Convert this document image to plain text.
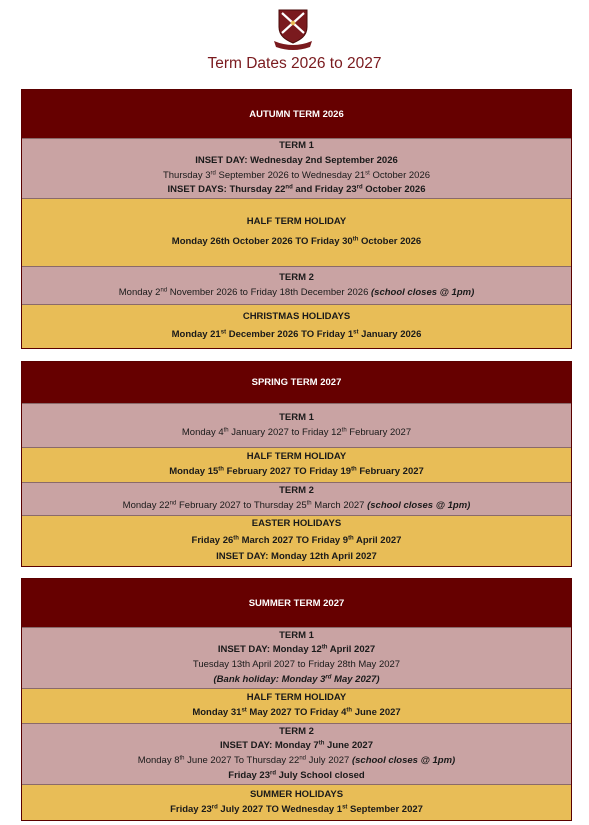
Term Dates 2026 to 2027
AUTUMN TERM 2026
TERM 1
INSET DAY: Wednesday 2nd September 2026
Thursday 3rd September 2026 to Wednesday 21st October 2026
INSET DAYS: Thursday 22nd and Friday 23rd October 2026
HALF TERM HOLIDAY
Monday 26th October 2026 TO Friday 30th October 2026
TERM 2
Monday 2nd November 2026 to Friday 18th December 2026 (school closes @ 1pm)
CHRISTMAS HOLIDAYS
Monday 21st December 2026 TO Friday 1st January 2026
SPRING TERM 2027
TERM 1
Monday 4th January 2027 to Friday 12th February 2027
HALF TERM HOLIDAY
Monday 15th February 2027 TO Friday 19th February 2027
TERM 2
Monday 22nd February 2027 to Thursday 25th March 2027 (school closes @ 1pm)
EASTER HOLIDAYS
Friday 26th March 2027 TO Friday 9th April 2027
INSET DAY: Monday 12th April 2027
SUMMER TERM 2027
TERM 1
INSET DAY: Monday 12th April 2027
Tuesday 13th April 2027 to Friday 28th May 2027
(Bank holiday: Monday 3rd May 2027)
HALF TERM HOLIDAY
Monday 31st May 2027 TO Friday 4th June 2027
TERM 2
INSET DAY: Monday 7th June 2027
Monday 8th June 2027 To Thursday 22nd July 2027 (school closes @ 1pm)
Friday 23rd July School closed
SUMMER HOLIDAYS
Friday 23rd July 2027 TO Wednesday 1st September 2027
